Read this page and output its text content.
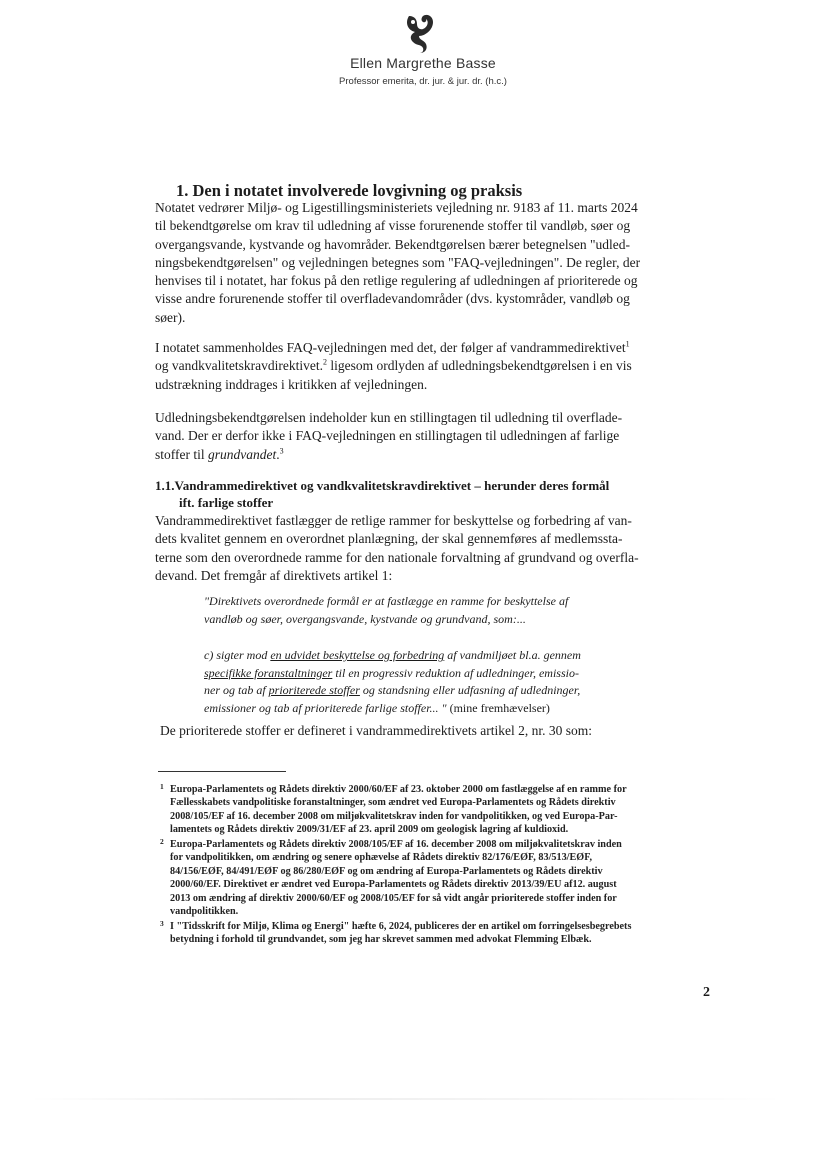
Ellen Margrethe Basse
Professor emerita, dr. jur. & jur. dr. (h.c.)
1. Den i notatet involverede lovgivning og praksis
Notatet vedrører Miljø- og Ligestillingsministeriets vejledning nr. 9183 af 11. marts 2024
til bekendtgørelse om krav til udledning af visse forurenende stoffer til vandløb, søer og
overgangsvande, kystvande og havområder. Bekendtgørelsen bærer betegnelsen "udled-
ningsbekendtgørelsen" og vejledningen betegnes som "FAQ-vejledningen". De regler, der
henvises til i notatet, har fokus på den retlige regulering af udledningen af prioriterede og
visse andre forurenende stoffer til overfladevandområder (dvs. kystområder, vandløb og
søer).
I notatet sammenholdes FAQ-vejledningen med det, der følger af vandrammedirektivet$^1$
og vandkvalitetskravdirektivet.$^2$ ligesom ordlyden af udledningsbekendtgørelsen i en vis
udstrækning inddrages i kritikken af vejledningen.
Udledningsbekendtgørelsen indeholder kun en stillingtagen til udledning til overflade-
vand. Der er derfor ikke i FAQ-vejledningen en stillingtagen til udledningen af farlige
stoffer til grundvandet.$^3$
1.1.Vandrammedirektivet og vandkvalitetskravdirektivet – herunder deres formål
ift. farlige stoffer
Vandrammedirektivet fastlægger de retlige rammer for beskyttelse og forbedring af van-
dets kvalitet gennem en overordnet planlægning, der skal gennemføres af medlemssta-
terne som den overordnede ramme for den nationale forvaltning af grundvand og overfla-
devand. Det fremgår af direktivets artikel 1:
"Direktivets overordnede formål er at fastlægge en ramme for beskyttelse af
vandløb og søer, overgangsvande, kystvande og grundvand, som:...
c) sigter mod en udvidet beskyttelse og forbedring af vandmiljøet bl.a. gennem
specifikke foranstaltninger til en progressiv reduktion af udledninger, emissio-
ner og tab af prioriterede stoffer og standsning eller udfasning af udledninger,
emissioner og tab af prioriterede farlige stoffer... " (mine fremhævelser)
De prioriterede stoffer er defineret i vandrammedirektivets artikel 2, nr. 30 som:
1 Europa-Parlamentets og Rådets direktiv 2000/60/EF af 23. oktober 2000 om fastlæggelse af en ramme for
Fællesskabets vandpolitiske foranstaltninger, som ændret ved Europa-Parlamentets og Rådets direktiv
2008/105/EF af 16. december 2008 om miljøkvalitetskrav inden for vandpolitikken, og ved Europa-Par-
lamentets og Rådets direktiv 2009/31/EF af 23. april 2009 om geologisk lagring af kuldioxid.
2 Europa-Parlamentets og Rådets direktiv 2008/105/EF af 16. december 2008 om miljøkvalitetskrav inden
for vandpolitikken, om ændring og senere ophævelse af Rådets direktiv 82/176/EØF, 83/513/EØF,
84/156/EØF, 84/491/EØF og 86/280/EØF og om ændring af Europa-Parlamentets og Rådets direktiv
2000/60/EF. Direktivet er ændret ved Europa-Parlamentets og Rådets direktiv 2013/39/EU af12. august
2013 om ændring af direktiv 2000/60/EF og 2008/105/EF for så vidt angår prioriterede stoffer inden for
vandpolitikken.
3 I "Tidsskrift for Miljø, Klima og Energi" hæfte 6, 2024, publiceres der en artikel om forringelsesbegrebets
betydning i forhold til grundvandet, som jeg har skrevet sammen med advokat Flemming Elbæk.
2
